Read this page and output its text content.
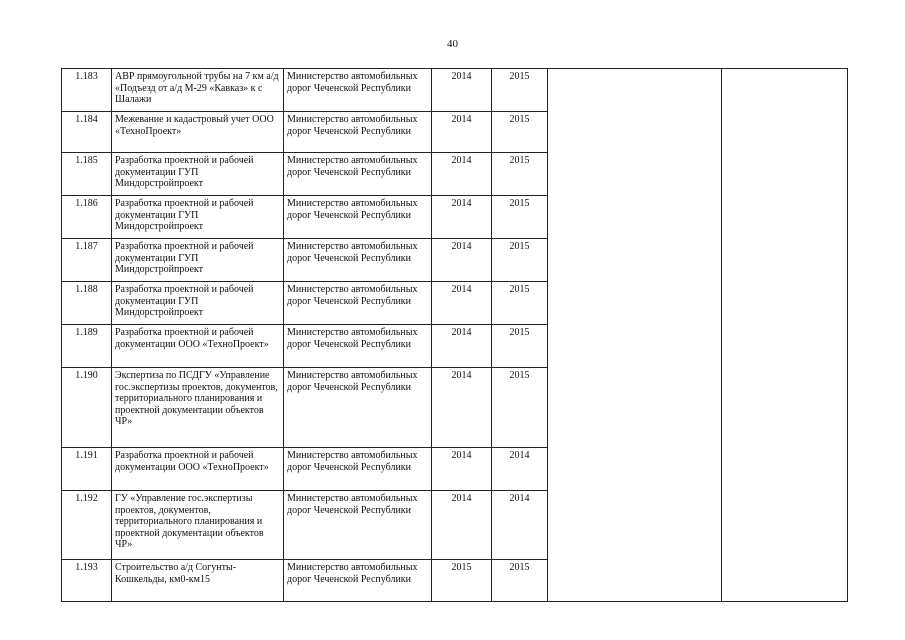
40
1.183	АВР прямоугольной трубы на 7 км а/д «Подъезд от а/д М-29 «Кавказ» к с Шалажи	Министерство автомобильных дорог Чеченской Республики	2014	2015		
1.184	Межевание и кадастровый учет ООО «ТехноПроект»	Министерство автомобильных дорог Чеченской Республики	2014	2015		
1.185	Разработка проектной и рабочей документации ГУП Миндорстройпроект	Министерство автомобильных дорог Чеченской Республики	2014	2015		
1.186	Разработка проектной и рабочей документации ГУП Миндорстройпроект	Министерство автомобильных дорог Чеченской Республики	2014	2015		
1.187	Разработка проектной и рабочей документации ГУП Миндорстройпроект	Министерство автомобильных дорог Чеченской Республики	2014	2015		
1.188	Разработка проектной и рабочей документации ГУП Миндорстройпроект	Министерство автомобильных дорог Чеченской Республики	2014	2015		
1.189	Разработка проектной и рабочей документации ООО «ТехноПроект»	Министерство автомобильных дорог Чеченской Республики	2014	2015		
1.190	Экспертиза по ПСДГУ «Управление гос.экспертизы проектов, документов, территориального планирования и проектной документации объектов ЧР»	Министерство автомобильных дорог Чеченской Республики	2014	2015		
1.191	Разработка проектной и рабочей документации ООО «ТехноПроект»	Министерство автомобильных дорог Чеченской Республики	2014	2014		
1.192	ГУ «Управление гос.экспертизы проектов, документов, территориального планирования и проектной документации объектов ЧР»	Министерство автомобильных дорог Чеченской Республики	2014	2014		
1.193	Строительство а/д Согунты-Кошкельды, км0-км15	Министерство автомобильных дорог Чеченской Республики	2015	2015		
